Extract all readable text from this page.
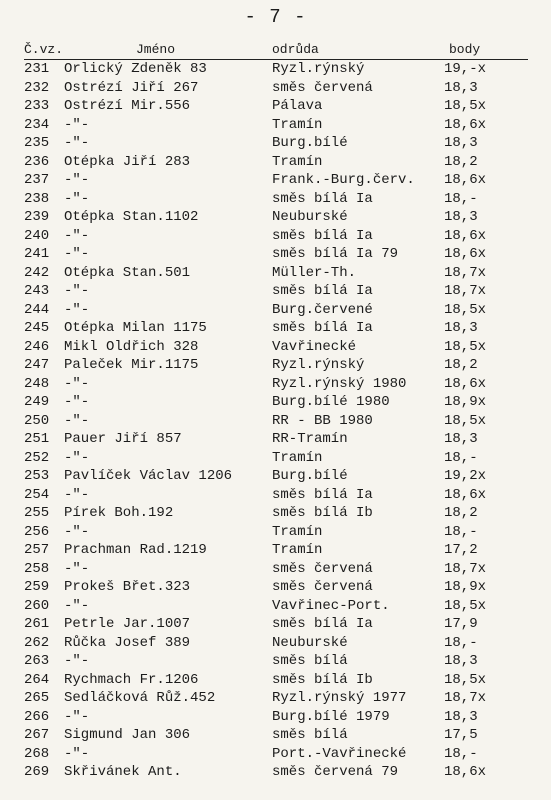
- 7 -
Č.vz.	Jméno	odrůda	body
231 Orlický Zdeněk 83	Ryzl.rýnský	19,-x
232 Ostrézí Jiří 267	směs červená	18,3
233 Ostrézí Mir.556	Pálava	18,5x
234 -"-	Tramín	18,6x
235 -"-	Burg.bílé	18,3
236 Otépka Jiří 283	Tramín	18,2
237 -"-	Frank.-Burg.červ. 18,6x
238 -"-	směs bílá Ia	18,-
239 Otépka Stan.1102	Neuburské	18,3
240 -"-	směs bílá Ia	18,6x
241 -"-	směs bílá Ia 79	18,6x
242 Otépka Stan.501	Müller-Th.	18,7x
243 -"-	směs bílá Ia	18,7x
244 -"-	Burg.červené	18,5x
245 Otépka Milan 1175	směs bílá Ia	18,3
246 Mikl Oldřich 328	Vavřinecké	18,5x
247 Paleček Mir.1175	Ryzl.rýnský	18,2
248 -"-	Ryzl.rýnský 1980	18,6x
249 -"-	Burg.bílé 1980	18,9x
250 -"-	RR - BB 1980	18,5x
251 Pauer Jiří 857	RR-Tramín	18,3
252 -"-	Tramín	18,-
253 Pavlíček Václav 1206	Burg.bílé	19,2x
254 -"-	směs bílá Ia	18,6x
255 Pírek Boh.192	směs bílá Ib	18,2
256 -"-	Tramín	18,-
257 Prachman Rad.1219	Tramín	17,2
258 -"-	směs červená	18,7x
259 Prokeš Břet.323	směs červená	18,9x
260 -"-	Vavřinec-Port.	18,5x
261 Petrle Jar.1007	směs bílá Ia	17,9
262 Růčka Josef 389	Neuburské	18,-
263 -"-	směs bílá	18,3
264 Rychmach Fr.1206	směs bílá Ib	18,5x
265 Sedláčková Růž.452	Ryzl.rýnský 1977	18,7x
266 -"-	Burg.bílé 1979	18,3
267 Sigmund Jan 306	směs bílá	17,5
268 -"-	Port.-Vavřinecké	18,-
269 Skřivánek Ant.	směs červená 79	18,6x
